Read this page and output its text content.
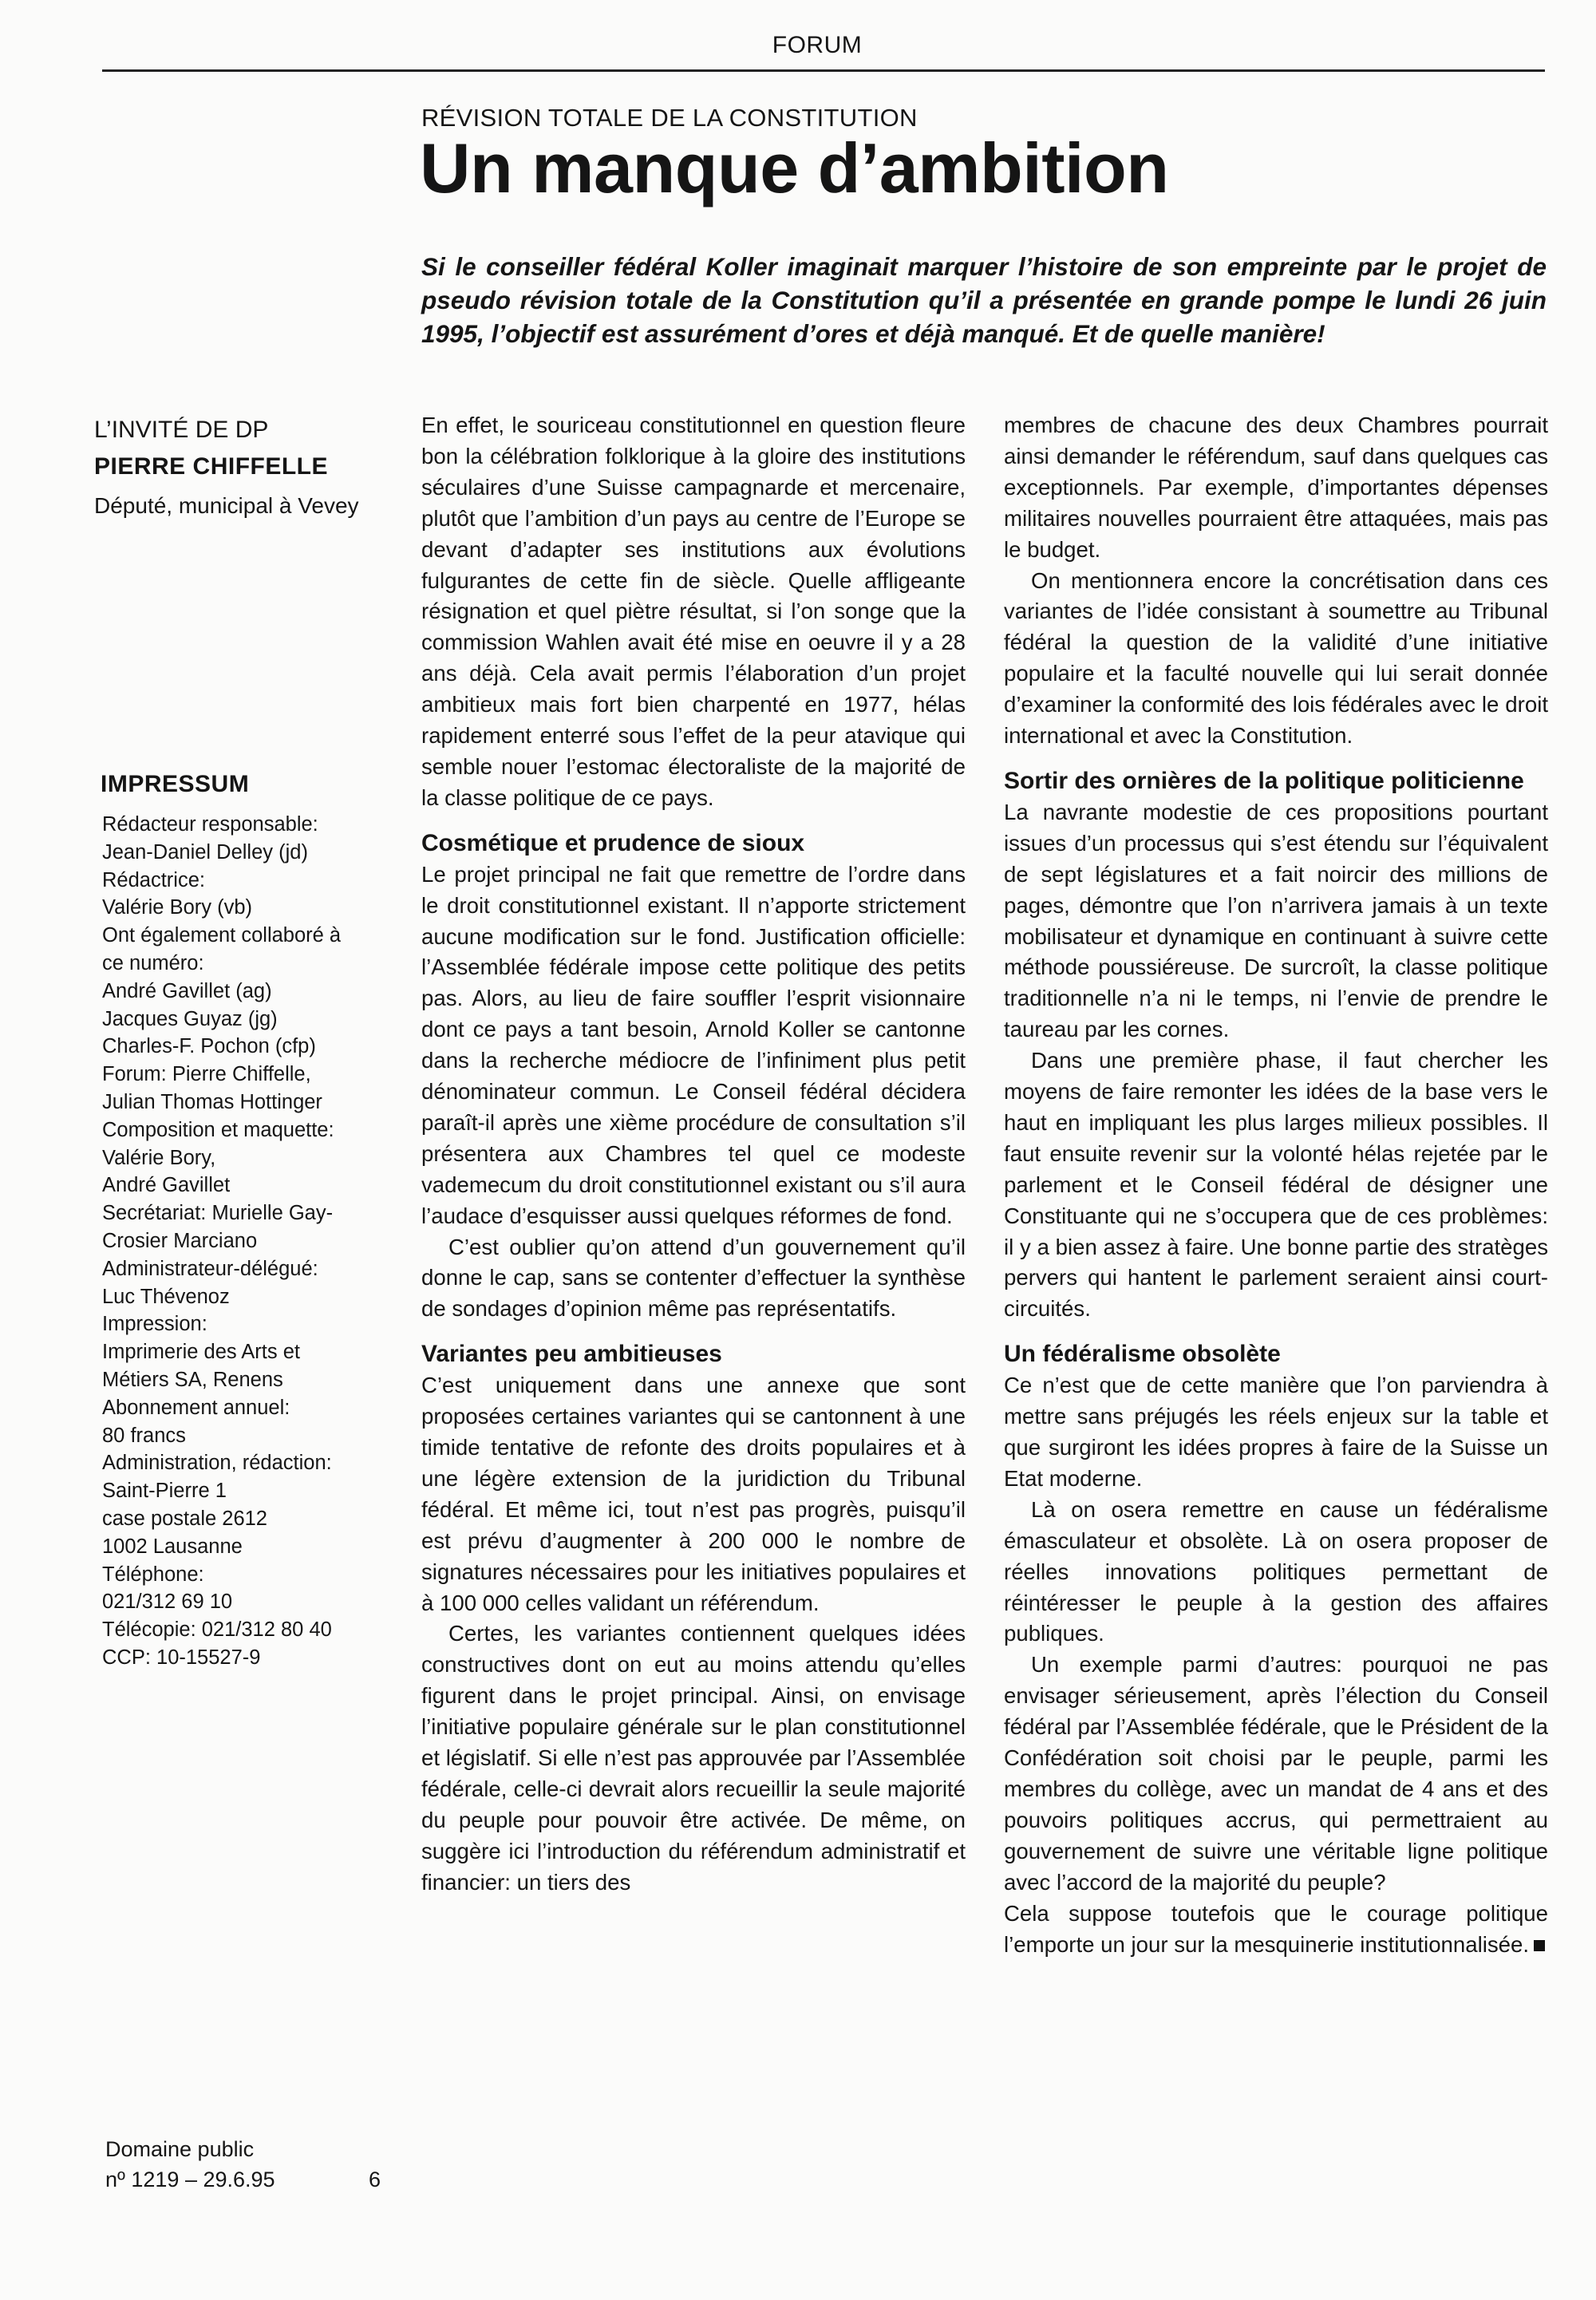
FORUM
RÉVISION TOTALE DE LA CONSTITUTION
Un manque d’ambition

Si le conseiller fédéral Koller imaginait marquer l’histoire de son empreinte par le projet de pseudo révision totale de la Constitution qu’il a présentée en grande pompe le lundi 26 juin 1995, l’objectif est assurément d’ores et déjà manqué. Et de quelle manière!

L’INVITÉ DE DP
PIERRE CHIFFELLE
Député, municipal à Vevey
IMPRESSUM
Rédacteur responsable:
Jean-Daniel Delley (jd)
Rédactrice:
Valérie Bory (vb)
Ont également collaboré à
ce numéro:
André Gavillet (ag)
Jacques Guyaz (jg)
Charles-F. Pochon (cfp)
Forum: Pierre Chiffelle,
Julian Thomas Hottinger
Composition et maquette:
Valérie Bory,
André Gavillet
Secrétariat: Murielle Gay-
Crosier Marciano
Administrateur-délégué:
Luc Thévenoz
Impression:
Imprimerie des Arts et
Métiers SA, Renens
Abonnement annuel:
80 francs
Administration, rédaction:
Saint-Pierre 1
case postale 2612
1002 Lausanne
Téléphone:
021/312 69 10
Télécopie: 021/312 80 40
CCP: 10-15527-9
Domaine public
nº 1219 – 29.6.95	6

En effet, le souriceau constitutionnel en question fleure bon la célébration folklorique à la gloire des institutions séculaires d’une Suisse campagnarde et mercenaire, plutôt que l’ambition d’un pays au centre de l’Europe se devant d’adapter ses institutions aux évolutions fulgurantes de cette fin de siècle. Quelle affligeante résignation et quel piètre résultat, si l’on songe que la commission Wahlen avait été mise en oeuvre il y a 28 ans déjà. Cela avait permis l’élaboration d’un projet ambitieux mais fort bien charpenté en 1977, hélas rapidement enterré sous l’effet de la peur atavique qui semble nouer l’estomac électoraliste de la majorité de la classe politique de ce pays.

Cosmétique et prudence de sioux

Le projet principal ne fait que remettre de l’ordre dans le droit constitutionnel existant. Il n’apporte strictement aucune modification sur le fond. Justification officielle: l’Assemblée fédérale impose cette politique des petits pas. Alors, au lieu de faire souffler l’esprit visionnaire dont ce pays a tant besoin, Arnold Koller se cantonne dans la recherche médiocre de l’infiniment plus petit dénominateur commun. Le Conseil fédéral décidera paraît-il après une xième procédure de consultation s’il présentera aux Chambres tel quel ce modeste vademecum du droit constitutionnel existant ou s’il aura l’audace d’esquisser aussi quelques réformes de fond.

C’est oublier qu’on attend d’un gouvernement qu’il donne le cap, sans se contenter d’effectuer la synthèse de sondages d’opinion même pas représentatifs.

Variantes peu ambitieuses

C’est uniquement dans une annexe que sont proposées certaines variantes qui se cantonnent à une timide tentative de refonte des droits populaires et à une légère extension de la juridiction du Tribunal fédéral. Et même ici, tout n’est pas progrès, puisqu’il est prévu d’augmenter à 200 000 le nombre de signatures nécessaires pour les initiatives populaires et à 100 000 celles validant un référendum.

Certes, les variantes contiennent quelques idées constructives dont on eut au moins attendu qu’elles figurent dans le projet principal. Ainsi, on envisage l’initiative populaire générale sur le plan constitutionnel et législatif. Si elle n’est pas approuvée par l’Assemblée fédérale, celle-ci devrait alors recueillir la seule majorité du peuple pour pouvoir être activée. De même, on suggère ici l’introduction du référendum administratif et financier: un tiers des

membres de chacune des deux Chambres pourrait ainsi demander le référendum, sauf dans quelques cas exceptionnels. Par exemple, d’importantes dépenses militaires nouvelles pourraient être attaquées, mais pas le budget.

On mentionnera encore la concrétisation dans ces variantes de l’idée consistant à soumettre au Tribunal fédéral la question de la validité d’une initiative populaire et la faculté nouvelle qui lui serait donnée d’examiner la conformité des lois fédérales avec le droit international et avec la Constitution.

Sortir des ornières de la politique politicienne

La navrante modestie de ces propositions pourtant issues d’un processus qui s’est étendu sur l’équivalent de sept législatures et a fait noircir des millions de pages, démontre que l’on n’arrivera jamais à un texte mobilisateur et dynamique en continuant à suivre cette méthode poussiéreuse. De surcroît, la classe politique traditionnelle n’a ni le temps, ni l’envie de prendre le taureau par les cornes.

Dans une première phase, il faut chercher les moyens de faire remonter les idées de la base vers le haut en impliquant les plus larges milieux possibles. Il faut ensuite revenir sur la volonté hélas rejetée par le parlement et le Conseil fédéral de désigner une Constituante qui ne s’occupera que de ces problèmes: il y a bien assez à faire. Une bonne partie des stratèges pervers qui hantent le parlement seraient ainsi court-circuités.

Un fédéralisme obsolète

Ce n’est que de cette manière que l’on parviendra à mettre sans préjugés les réels enjeux sur la table et que surgiront les idées propres à faire de la Suisse un Etat moderne.

Là on osera remettre en cause un fédéralisme émasculateur et obsolète. Là on osera proposer de réelles innovations politiques permettant de réintéresser le peuple à la gestion des affaires publiques.

Un exemple parmi d’autres: pourquoi ne pas envisager sérieusement, après l’élection du Conseil fédéral par l’Assemblée fédérale, que le Président de la Confédération soit choisi par le peuple, parmi les membres du collège, avec un mandat de 4 ans et des pouvoirs politiques accrus, qui permettraient au gouvernement de suivre une véritable ligne politique avec l’accord de la majorité du peuple?

Cela suppose toutefois que le courage politique l’emporte un jour sur la mesquinerie institutionnalisée.
